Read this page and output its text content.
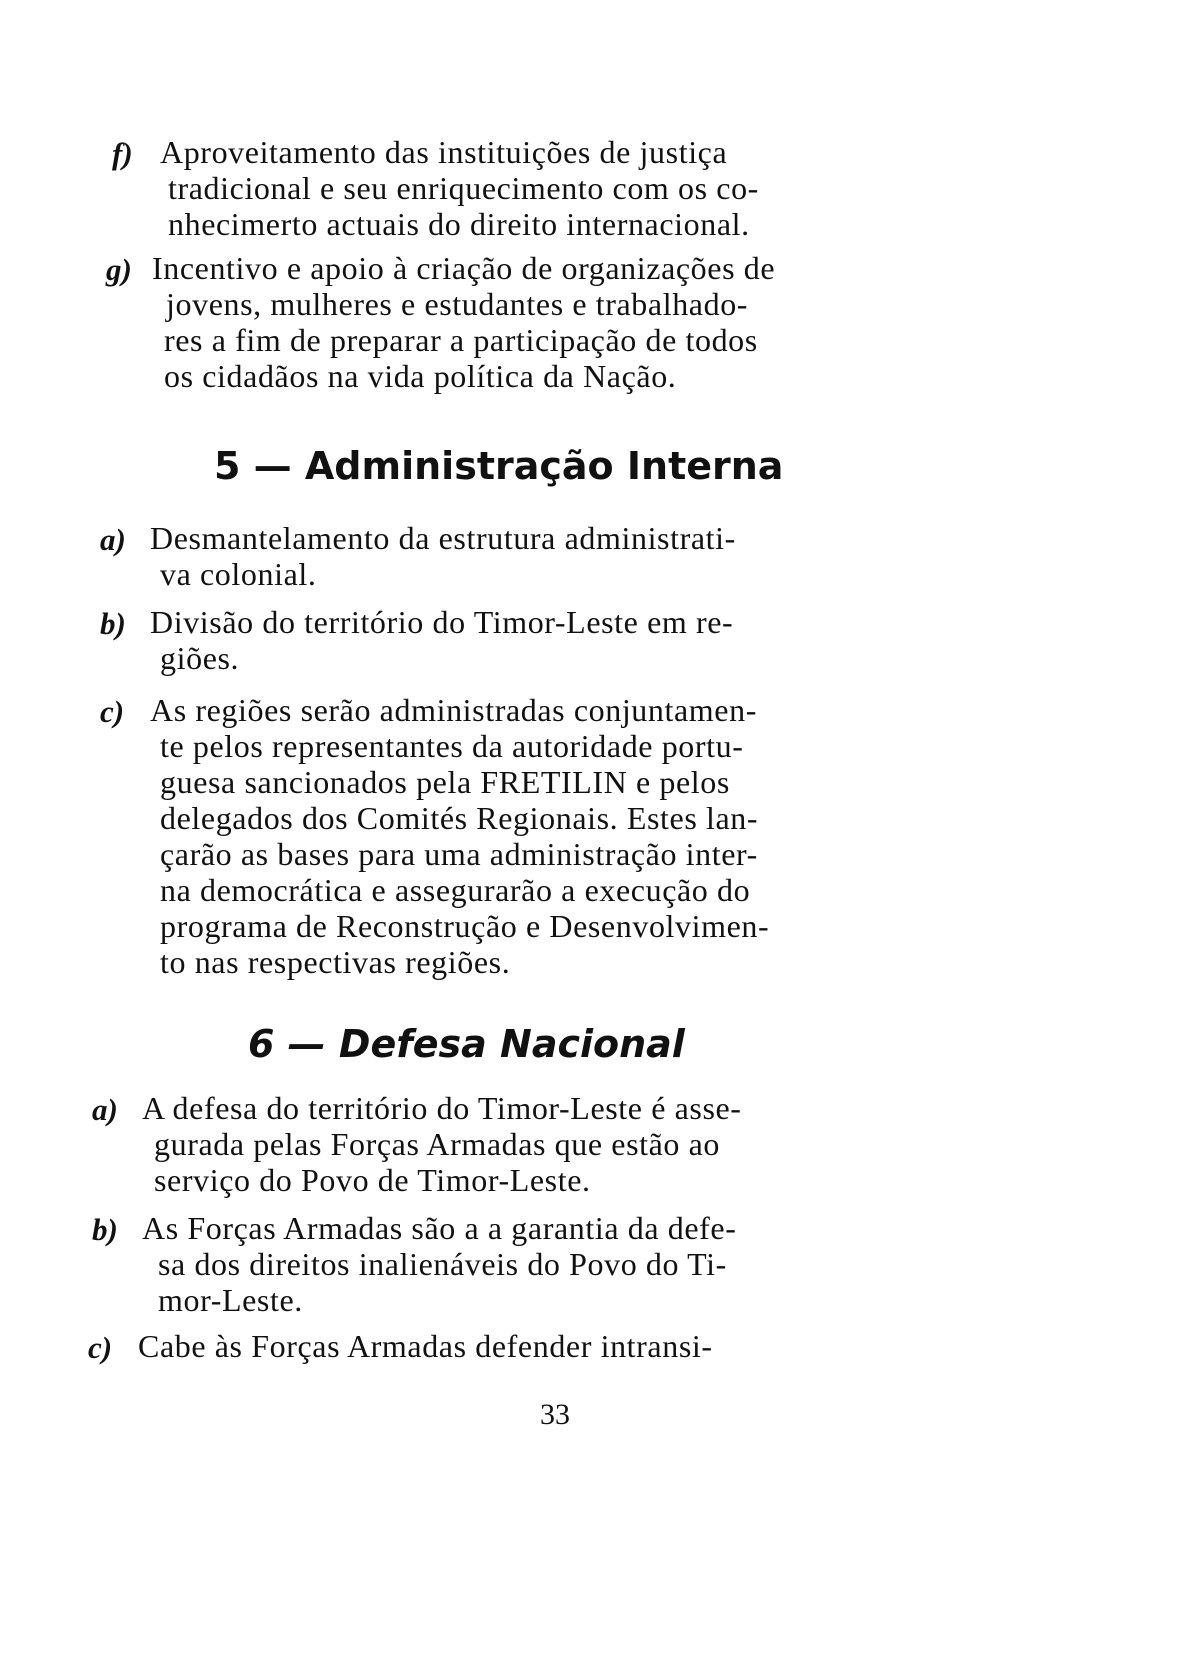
f) Aproveitamento das instituições de justiça
tradicional e seu enriquecimento com os co-
nhecimerto actuais do direito internacional.
g) Incentivo e apoio à criação de organizações de
jovens, mulheres e estudantes e trabalhado-
res a fim de preparar a participação de todos
os cidadãos na vida política da Nação.
5 — Administração Interna
a) Desmantelamento da estrutura administrati-
va colonial.
b) Divisão do território do Timor-Leste em re-
giões.
c) As regiões serão administradas conjuntamen-
te pelos representantes da autoridade portu-
guesa sancionados pela FRETILIN e pelos
delegados dos Comités Regionais. Estes lan-
çarão as bases para uma administração inter-
na democrática e assegurarão a execução do
programa de Reconstrução e Desenvolvimen-
to nas respectivas regiões.
6 — Defesa Nacional
a) A defesa do território do Timor-Leste é asse-
gurada pelas Forças Armadas que estão ao
serviço do Povo de Timor-Leste.
b) As Forças Armadas são a a garantia da defe-
sa dos direitos inalienáveis do Povo do Ti-
mor-Leste.
c) Cabe às Forças Armadas defender intransi-
33
